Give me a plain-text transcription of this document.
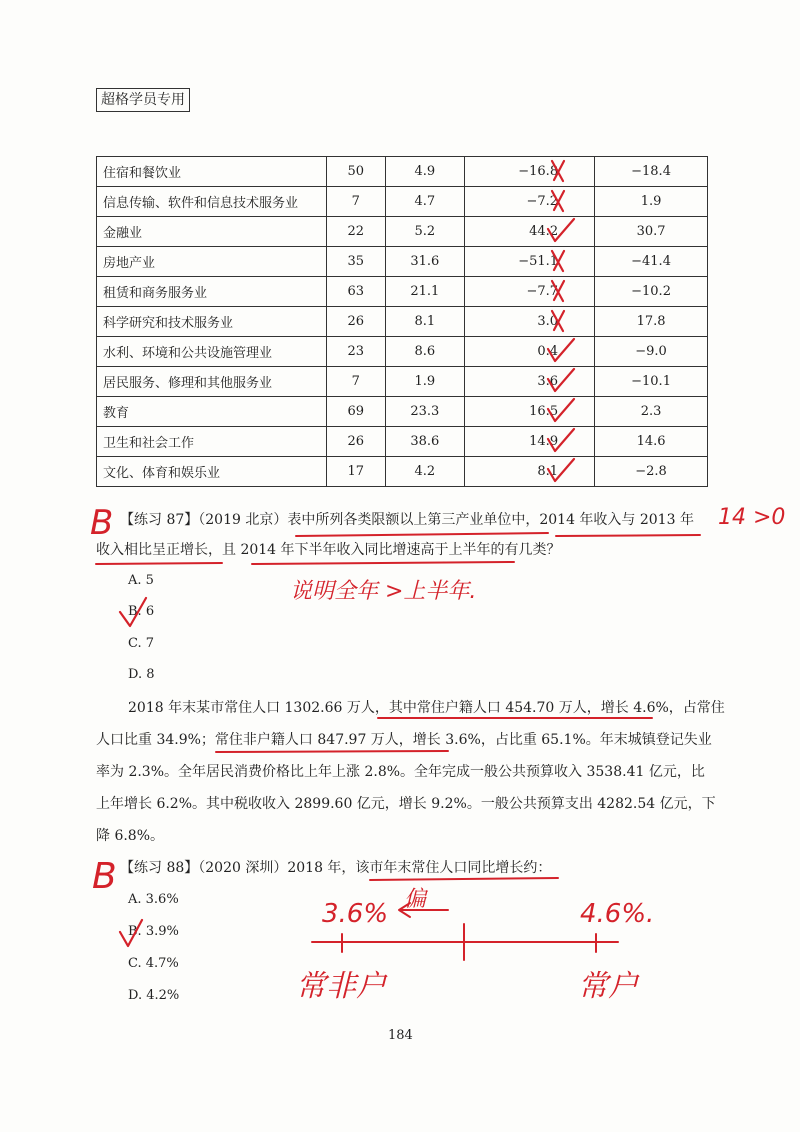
超格学员专用
住宿和餐饮业	50	4.9	−16.8	−18.4
信息传输、软件和信息技术服务业	7	4.7	−7.2	1.9
金融业	22	5.2	44.2	30.7
房地产业	35	31.6	−51.1	−41.4
租赁和商务服务业	63	21.1	−7.7	−10.2
科学研究和技术服务业	26	8.1	3.0	17.8
水利、环境和公共设施管理业	23	8.6	0.4	−9.0
居民服务、修理和其他服务业	7	1.9	3.6	−10.1
教育	69	23.3	16.5	2.3
卫生和社会工作	26	38.6	14.9	14.6
文化、体育和娱乐业	17	4.2	8.1	−2.8
【练习 87】（2019 北京）表中所列各类限额以上第三产业单位中，2014 年收入与 2013 年
收入相比呈正增长，且 2014 年下半年收入同比增速高于上半年的有几类？
A. 5
B. 6
C. 7
D. 8
2018 年末某市常住人口 1302.66 万人，其中常住户籍人口 454.70 万人，增长 4.6%，占常住
人口比重 34.9%；常住非户籍人口 847.97 万人，增长 3.6%，占比重 65.1%。年末城镇登记失业
率为 2.3%。全年居民消费价格比上年上涨 2.8%。全年完成一般公共预算收入 3538.41 亿元，比
上年增长 6.2%。其中税收收入 2899.60 亿元，增长 9.2%。一般公共预算支出 4282.54 亿元，下
降 6.8%。
【练习 88】（2020 深圳）2018 年，该市年末常住人口同比增长约：
A. 3.6%
B. 3.9%
C. 4.7%
D. 4.2%
184
B	14 >0
说明全年 >上半年.
B
3.6% 偏	4.6%.
常非户	常户
